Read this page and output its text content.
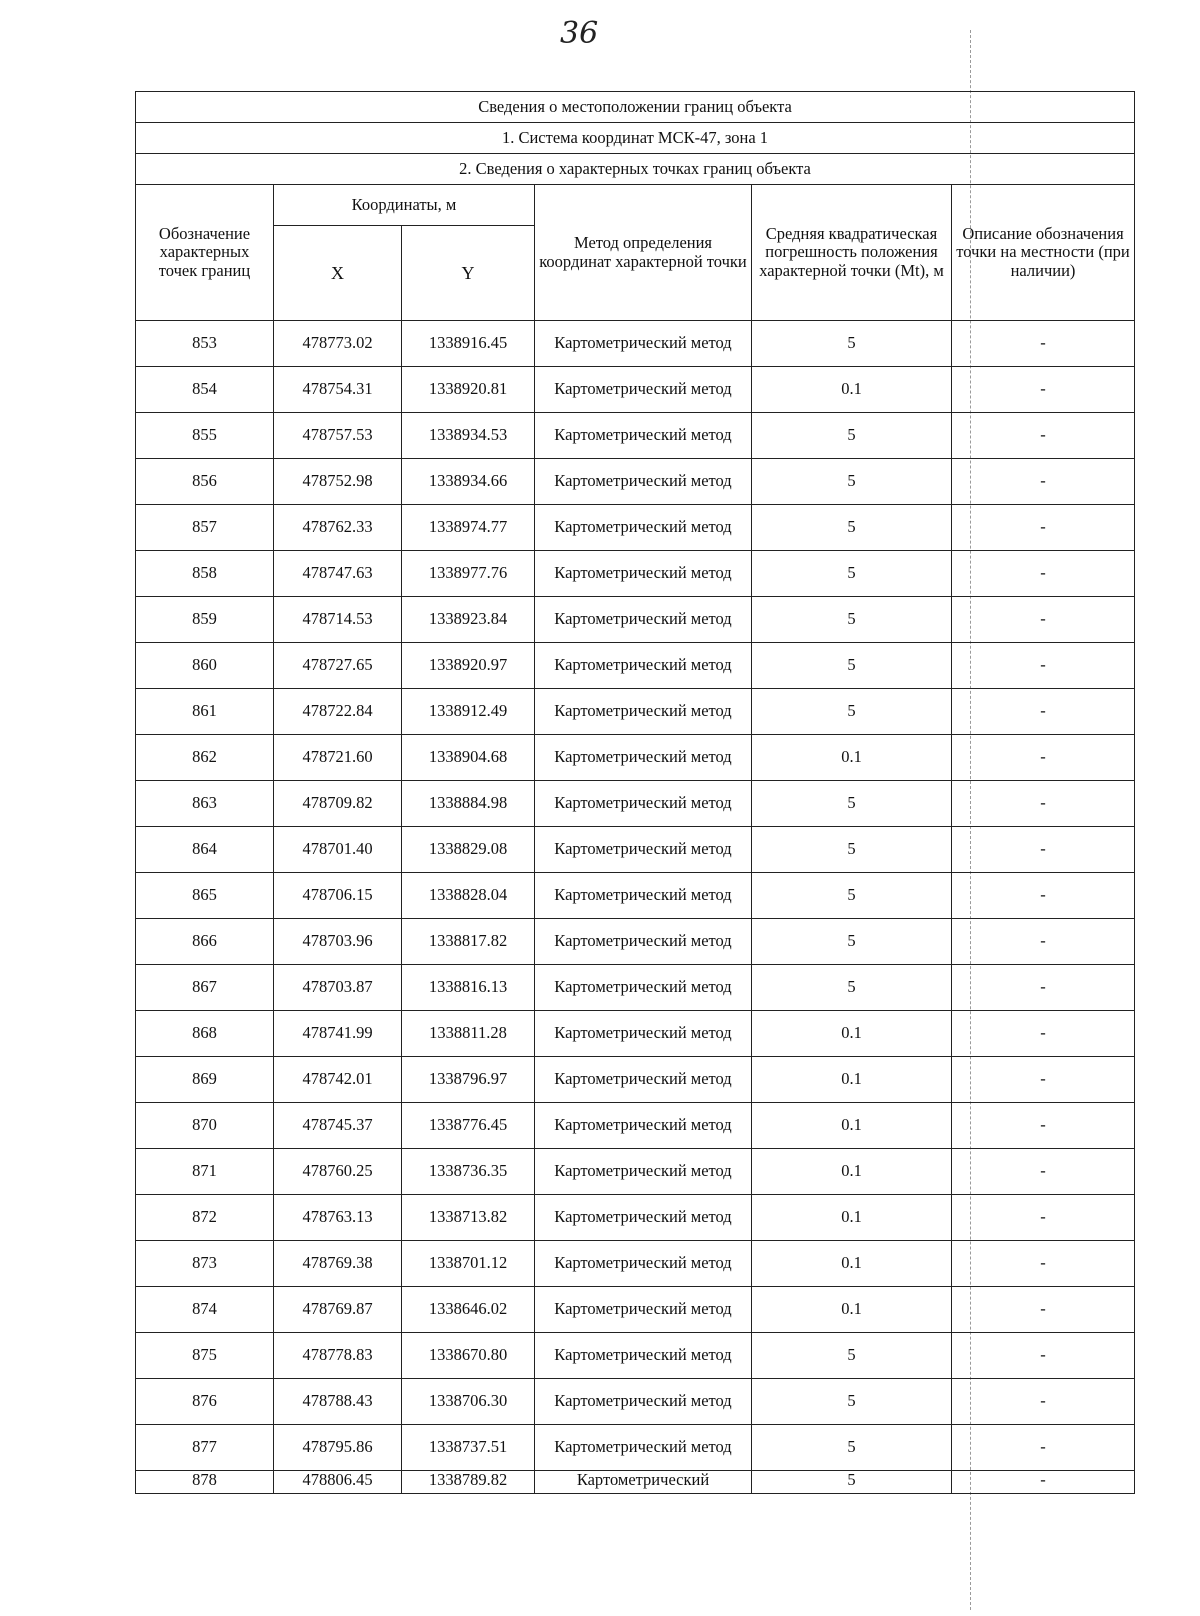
36
Сведения о местоположении границ объекта					
1. Система координат МСК-47, зона 1					
2. Сведения о характерных точках границ объекта					
Обозначение характерных точек границ	Координаты, м		Метод определения координат характерной точки	Средняя квадратическая погрешность положения характерной точки (Mt), м	Описание обозначения точки на местности (при наличии)
	X	Y			
853	478773.02	1338916.45	Картометрический метод	5	-
854	478754.31	1338920.81	Картометрический метод	0.1	-
855	478757.53	1338934.53	Картометрический метод	5	-
856	478752.98	1338934.66	Картометрический метод	5	-
857	478762.33	1338974.77	Картометрический метод	5	-
858	478747.63	1338977.76	Картометрический метод	5	-
859	478714.53	1338923.84	Картометрический метод	5	-
860	478727.65	1338920.97	Картометрический метод	5	-
861	478722.84	1338912.49	Картометрический метод	5	-
862	478721.60	1338904.68	Картометрический метод	0.1	-
863	478709.82	1338884.98	Картометрический метод	5	-
864	478701.40	1338829.08	Картометрический метод	5	-
865	478706.15	1338828.04	Картометрический метод	5	-
866	478703.96	1338817.82	Картометрический метод	5	-
867	478703.87	1338816.13	Картометрический метод	5	-
868	478741.99	1338811.28	Картометрический метод	0.1	-
869	478742.01	1338796.97	Картометрический метод	0.1	-
870	478745.37	1338776.45	Картометрический метод	0.1	-
871	478760.25	1338736.35	Картометрический метод	0.1	-
872	478763.13	1338713.82	Картометрический метод	0.1	-
873	478769.38	1338701.12	Картометрический метод	0.1	-
874	478769.87	1338646.02	Картометрический метод	0.1	-
875	478778.83	1338670.80	Картометрический метод	5	-
876	478788.43	1338706.30	Картометрический метод	5	-
877	478795.86	1338737.51	Картометрический метод	5	-
878	478806.45	1338789.82	Картометрический	5	-
